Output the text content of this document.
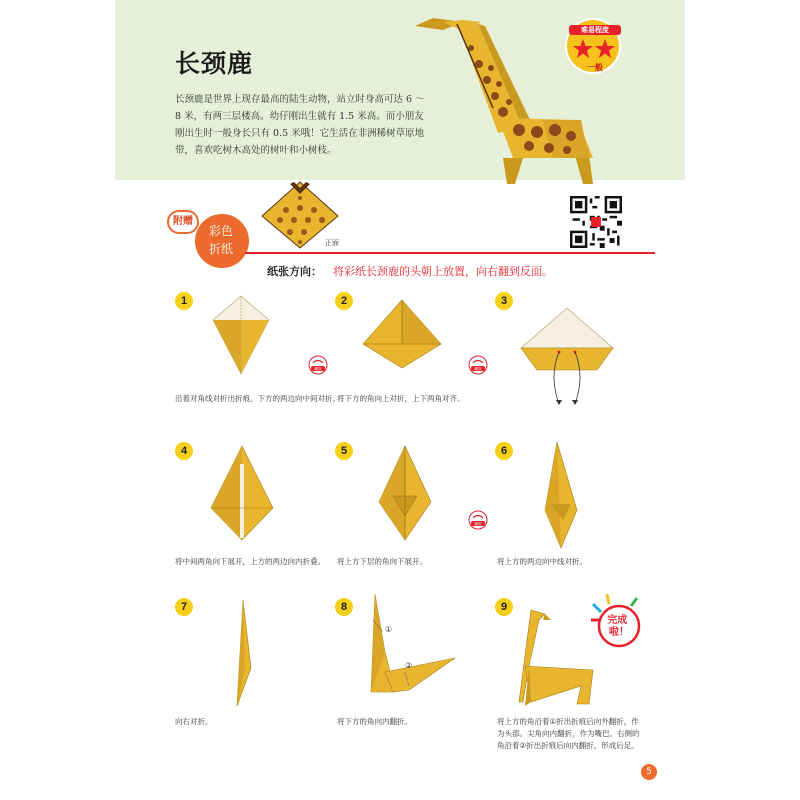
长颈鹿
长颈鹿是世界上现存最高的陆生动物，站立时身高可达 6 ～ 8 米，有两三层楼高。幼仔刚出生就有 1.5 米高。而小朋友刚出生时一般身长只有 0.5 米哦！它生活在非洲稀树草原地带，喜欢吃树木高处的树叶和小树枝。
难易程度
一般
附赠
彩色
折纸	正面
纸张方向： 将彩纸长颈鹿的头朝上放置，向右翻到反面。
1
沿着对角线对折出折痕。下方的两边向中间对折。
2
将下方的角向上对折，上下两角对齐。
翻面
3
翻面
4
将中间两角向下展开，上方的两边向内折叠。
5
将上方下层的角向下展开。
6
将上方的两边向中线对折。
翻面
7
向右对折。
8
①
②
将下方的角向内翻折。
9
将上方的角沿着①折出折痕后向外翻折，作为头部。尖角向内翻折，作为嘴巴。右侧的角沿着②折出折痕后向内翻折，形成后足。
完成 啦！
5
